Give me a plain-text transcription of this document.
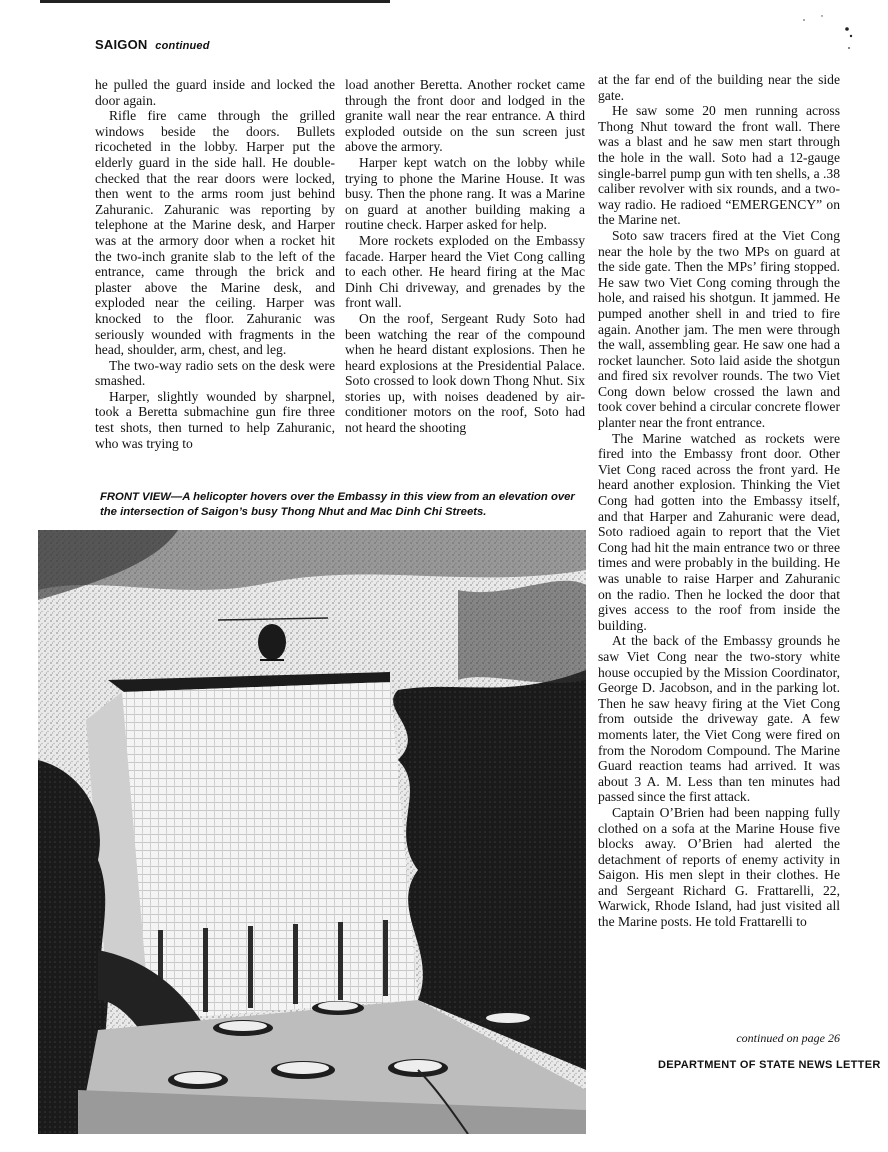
SAIGON continued

he pulled the guard inside and locked the door again.

Rifle fire came through the grilled windows beside the doors. Bullets ricocheted in the lobby. Harper put the elderly guard in the side hall. He double-checked that the rear doors were locked, then went to the arms room just behind Zahuranic. Zahuranic was reporting by telephone at the Marine desk, and Harper was at the armory door when a rocket hit the two-inch granite slab to the left of the entrance, came through the brick and plaster above the Marine desk, and exploded near the ceiling. Harper was knocked to the floor. Zahuranic was seriously wounded with fragments in the head, shoulder, arm, chest, and leg.

The two-way radio sets on the desk were smashed.

Harper, slightly wounded by sharpnel, took a Beretta submachine gun fire three test shots, then turned to help Zahuranic, who was trying to

load another Beretta. Another rocket came through the front door and lodged in the granite wall near the rear entrance. A third exploded outside on the sun screen just above the armory.

Harper kept watch on the lobby while trying to phone the Marine House. It was busy. Then the phone rang. It was a Marine on guard at another building making a routine check. Harper asked for help.

More rockets exploded on the Embassy facade. Harper heard the Viet Cong calling to each other. He heard firing at the Mac Dinh Chi driveway, and grenades by the front wall.

On the roof, Sergeant Rudy Soto had been watching the rear of the compound when he heard distant explosions. Then he heard explosions at the Presidential Palace. Soto crossed to look down Thong Nhut. Six stories up, with noises deadened by air-conditioner motors on the roof, Soto had not heard the shooting

at the far end of the building near the side gate.

He saw some 20 men running across Thong Nhut toward the front wall. There was a blast and he saw men start through the hole in the wall. Soto had a 12-gauge single-barrel pump gun with ten shells, a .38 caliber revolver with six rounds, and a two-way radio. He radioed “EMERGENCY” on the Marine net.

Soto saw tracers fired at the Viet Cong near the hole by the two MPs on guard at the side gate. Then the MPs’ firing stopped. He saw two Viet Cong coming through the hole, and raised his shotgun. It jammed. He pumped another shell in and tried to fire again. Another jam. The men were through the wall, assembling gear. He saw one had a rocket launcher. Soto laid aside the shotgun and fired six revolver rounds. The two Viet Cong down below crossed the lawn and took cover behind a circular concrete flower planter near the front entrance.

The Marine watched as rockets were fired into the Embassy front door. Other Viet Cong raced across the front yard. He heard another explosion. Thinking the Viet Cong had gotten into the Embassy itself, and that Harper and Zahuranic were dead, Soto radioed again to report that the Viet Cong had hit the main entrance two or three times and were probably in the building. He was unable to raise Harper and Zahuranic on the radio. Then he locked the door that gives access to the roof from inside the building.

At the back of the Embassy grounds he saw Viet Cong near the two-story white house occupied by the Mission Coordinator, George D. Jacobson, and in the parking lot. Then he saw heavy firing at the Viet Cong from outside the driveway gate. A few moments later, the Viet Cong were fired on from the Norodom Compound. The Marine Guard reaction teams had arrived. It was about 3 A. M. Less than ten minutes had passed since the first attack.

Captain O’Brien had been napping fully clothed on a sofa at the Marine House five blocks away. O’Brien had alerted the detachment of reports of enemy activity in Saigon. His men slept in their clothes. He and Sergeant Richard G. Frattarelli, 22, Warwick, Rhode Island, had just visited all the Marine posts. He told Frattarelli to

FRONT VIEW—A helicopter hovers over the Embassy in this view from an elevation over the intersection of Saigon’s busy Thong Nhut and Mac Dinh Chi Streets.
continued on page 26
DEPARTMENT OF STATE NEWS LETTER
